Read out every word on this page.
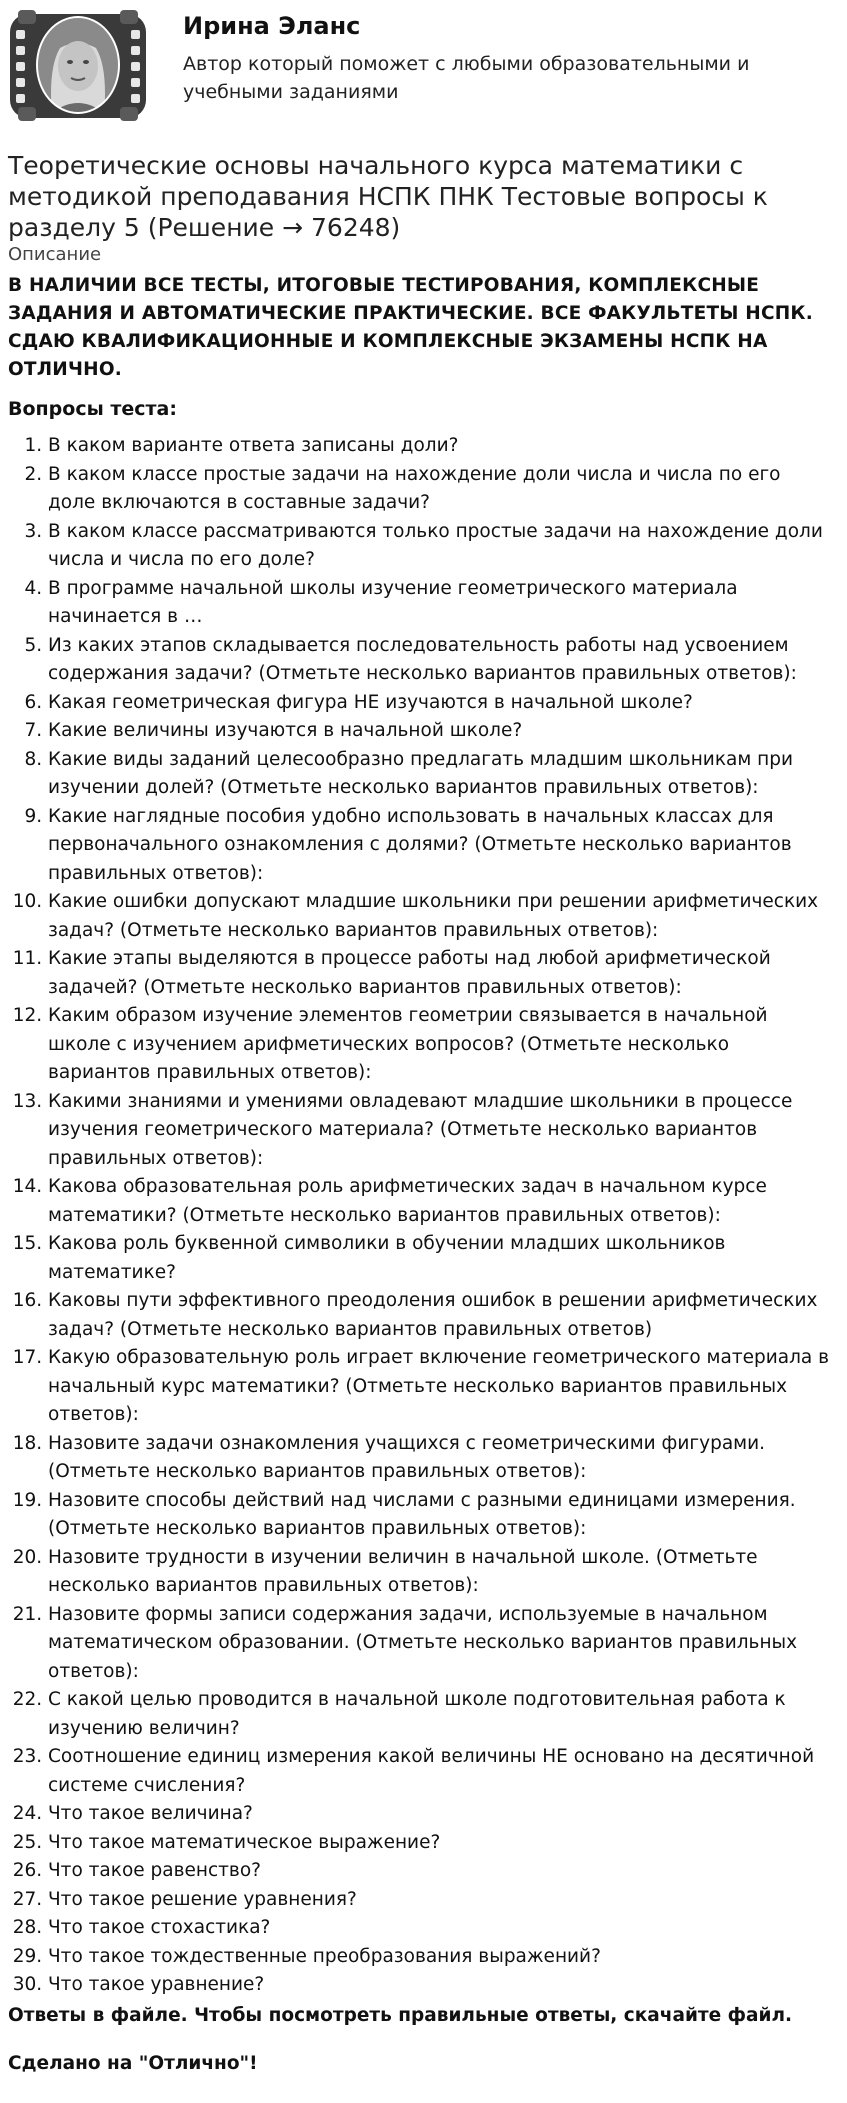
Ирина Эланс
Автор который поможет с любыми образовательными и учебными заданиями
Теоретические основы начального курса математики с методикой преподавания НСПК ПНК Тестовые вопросы к разделу 5 (Решение → 76248)
Описание
В НАЛИЧИИ ВСЕ ТЕСТЫ, ИТОГОВЫЕ ТЕСТИРОВАНИЯ, КОМПЛЕКСНЫЕ ЗАДАНИЯ И АВТОМАТИЧЕСКИЕ ПРАКТИЧЕСКИЕ. ВСЕ ФАКУЛЬТЕТЫ НСПК. СДАЮ КВАЛИФИКАЦИОННЫЕ И КОМПЛЕКСНЫЕ ЭКЗАМЕНЫ НСПК НА ОТЛИЧНО.
Вопросы теста:
1. В каком варианте ответа записаны доли?
2. В каком классе простые задачи на нахождение доли числа и числа по его доле включаются в составные задачи?
3. В каком классе рассматриваются только простые задачи на нахождение доли числа и числа по его доле?
4. В программе начальной школы изучение геометрического материала начинается в …
5. Из каких этапов складывается последовательность работы над усвоением содержания задачи? (Отметьте несколько вариантов правильных ответов):
6. Какая геометрическая фигура НЕ изучаются в начальной школе?
7. Какие величины изучаются в начальной школе?
8. Какие виды заданий целесообразно предлагать младшим школьникам при изучении долей? (Отметьте несколько вариантов правильных ответов):
9. Какие наглядные пособия удобно использовать в начальных классах для первоначального ознакомления с долями? (Отметьте несколько вариантов правильных ответов):
10. Какие ошибки допускают младшие школьники при решении арифметических задач? (Отметьте несколько вариантов правильных ответов):
11. Какие этапы выделяются в процессе работы над любой арифметической задачей? (Отметьте несколько вариантов правильных ответов):
12. Каким образом изучение элементов геометрии связывается в начальной школе с изучением арифметических вопросов? (Отметьте несколько вариантов правильных ответов):
13. Какими знаниями и умениями овладевают младшие школьники в процессе изучения геометрического материала? (Отметьте несколько вариантов правильных ответов):
14. Какова образовательная роль арифметических задач в начальном курсе математики? (Отметьте несколько вариантов правильных ответов):
15. Какова роль буквенной символики в обучении младших школьников математике?
16. Каковы пути эффективного преодоления ошибок в решении арифметических задач? (Отметьте несколько вариантов правильных ответов)
17. Какую образовательную роль играет включение геометрического материала в начальный курс математики? (Отметьте несколько вариантов правильных ответов):
18. Назовите задачи ознакомления учащихся с геометрическими фигурами. (Отметьте несколько вариантов правильных ответов):
19. Назовите способы действий над числами с разными единицами измерения. (Отметьте несколько вариантов правильных ответов):
20. Назовите трудности в изучении величин в начальной школе. (Отметьте несколько вариантов правильных ответов):
21. Назовите формы записи содержания задачи, используемые в начальном математическом образовании. (Отметьте несколько вариантов правильных ответов):
22. С какой целью проводится в начальной школе подготовительная работа к изучению величин?
23. Соотношение единиц измерения какой величины НЕ основано на десятичной системе счисления?
24. Что такое величина?
25. Что такое математическое выражение?
26. Что такое равенство?
27. Что такое решение уравнения?
28. Что такое стохастика?
29. Что такое тождественные преобразования выражений?
30. Что такое уравнение?
Ответы в файле. Чтобы посмотреть правильные ответы, скачайте файл.
Сделано на "Отлично"!
